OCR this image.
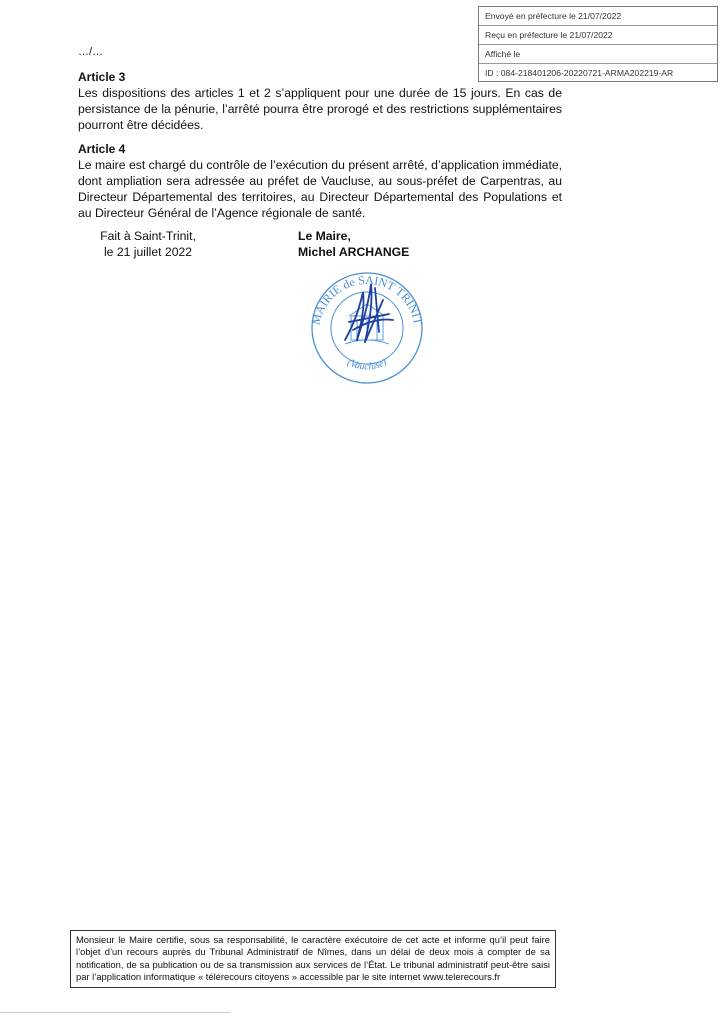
Envoyé en préfecture le 21/07/2022
Reçu en préfecture le 21/07/2022
Affiché le
ID : 084-218401206-20220721-ARMA202219-AR
…/…
Article 3
Les dispositions des articles 1 et 2 s’appliquent pour une durée de 15 jours. En cas de persistance de la pénurie, l’arrêté pourra être prorogé et des restrictions supplémentaires pourront être décidées.
Article 4
Le maire est chargé du contrôle de l’exécution du présent arrêté, d’application immédiate, dont ampliation sera adressée au préfet de Vaucluse, au sous-préfet de Carpentras, au Directeur Départemental des territoires, au Directeur Départemental des Populations et au Directeur Général de l’Agence régionale de santé.
Fait à Saint-Trinit,
le 21 juillet 2022
Le Maire,
Michel ARCHANGE
MAIRIE de SAINT TRINIT
(Vaucluse)
Monsieur le Maire certifie, sous sa responsabilité, le caractère exécutoire de cet acte et informe qu’il peut faire l’objet d’un recours auprès du Tribunal Administratif de Nîmes, dans un délai de deux mois à compter de sa notification, de sa publication ou de sa transmission aux services de l’État. Le tribunal administratif peut-être saisi par l’application informatique « télérecours citoyens » accessible par le site internet www.telerecours.fr
